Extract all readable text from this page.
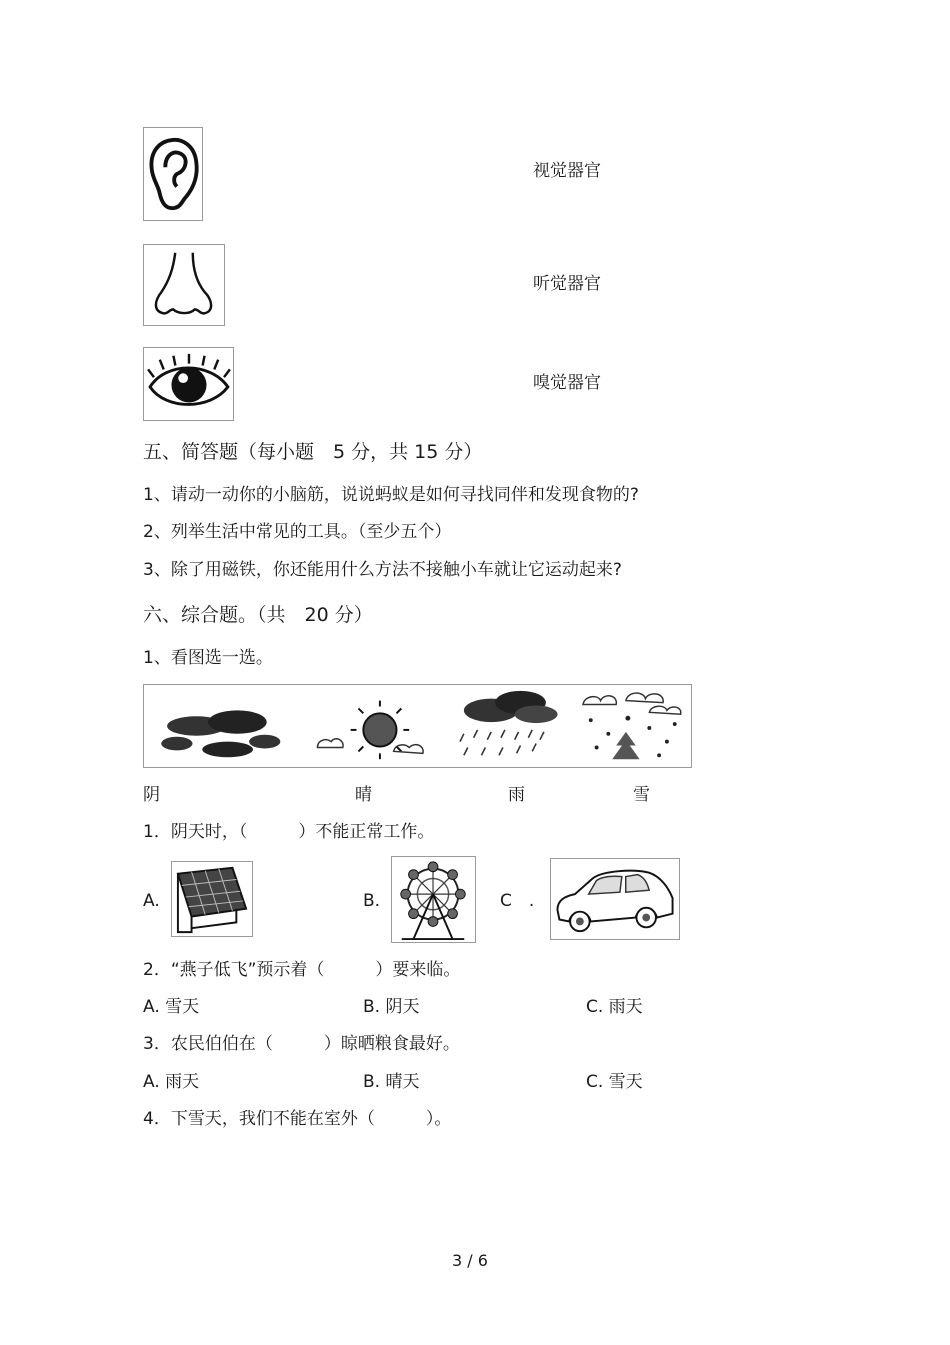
视觉器官
听觉器官
嗅觉器官
五、简答题（每小题　5 分，共 15 分）
1、请动一动你的小脑筋，说说蚂蚁是如何寻找同伴和发现食物的?
2、列举生活中常见的工具。（至少五个）
3、除了用磁铁，你还能用什么方法不接触小车就让它运动起来?
六、综合题。（共　20 分）
1、看图选一选。
阴	晴	雨	雪
1．阴天时，（　　　）不能正常工作。
A.	B.	C　.
2．“燕子低飞”预示着（　　　）要来临。
A. 雪天	B. 阴天	C. 雨天
3．农民伯伯在（　　　）晾晒粮食最好。
A. 雨天	B. 晴天	C. 雪天
4．下雪天，我们不能在室外（　　　）。
3 / 6
